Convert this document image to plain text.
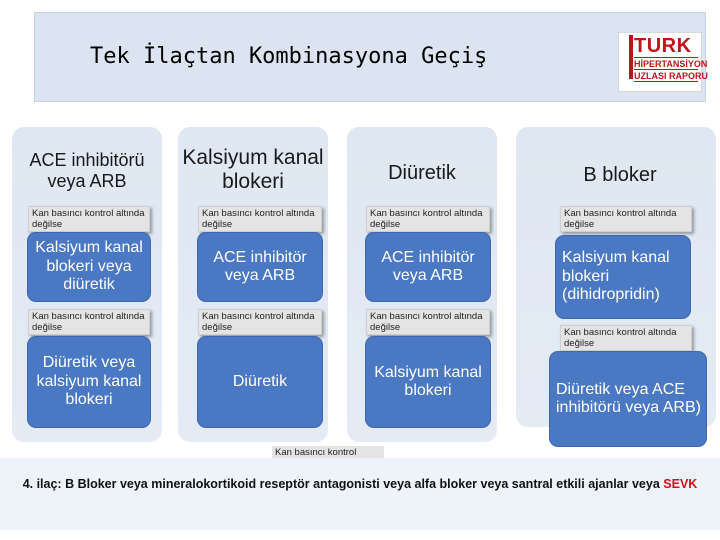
Tek İlaçtan Kombinasyona Geçiş	TURK
HİPERTANSİYON
UZLASI RAPORU
ACE inhibitörü veya ARB
Kan basıncı kontrol altında değilse
Kalsiyum kanal blokeri veya diüretik
Kan basıncı kontrol altında değilse
Diüretik veya kalsiyum kanal blokeri
Kalsiyum kanal blokeri
Kan basıncı kontrol altında değilse
ACE inhibitör veya ARB
Kan basıncı kontrol altında değilse
Diüretik
Diüretik
Kan basıncı kontrol altında değilse
ACE inhibitör veya ARB
Kan basıncı kontrol altında değilse
Kalsiyum kanal blokeri
B bloker
Kan basıncı kontrol altında değilse
Kalsiyum kanal blokeri (dihidropridin)
Kan basıncı kontrol altında değilse
Diüretik veya ACE inhibitörü veya ARB)
Kan basıncı kontrol
4. ilaç: B Bloker veya mineralokortikoid reseptör antagonisti veya alfa bloker veya santral etkili ajanlar veya SEVK
